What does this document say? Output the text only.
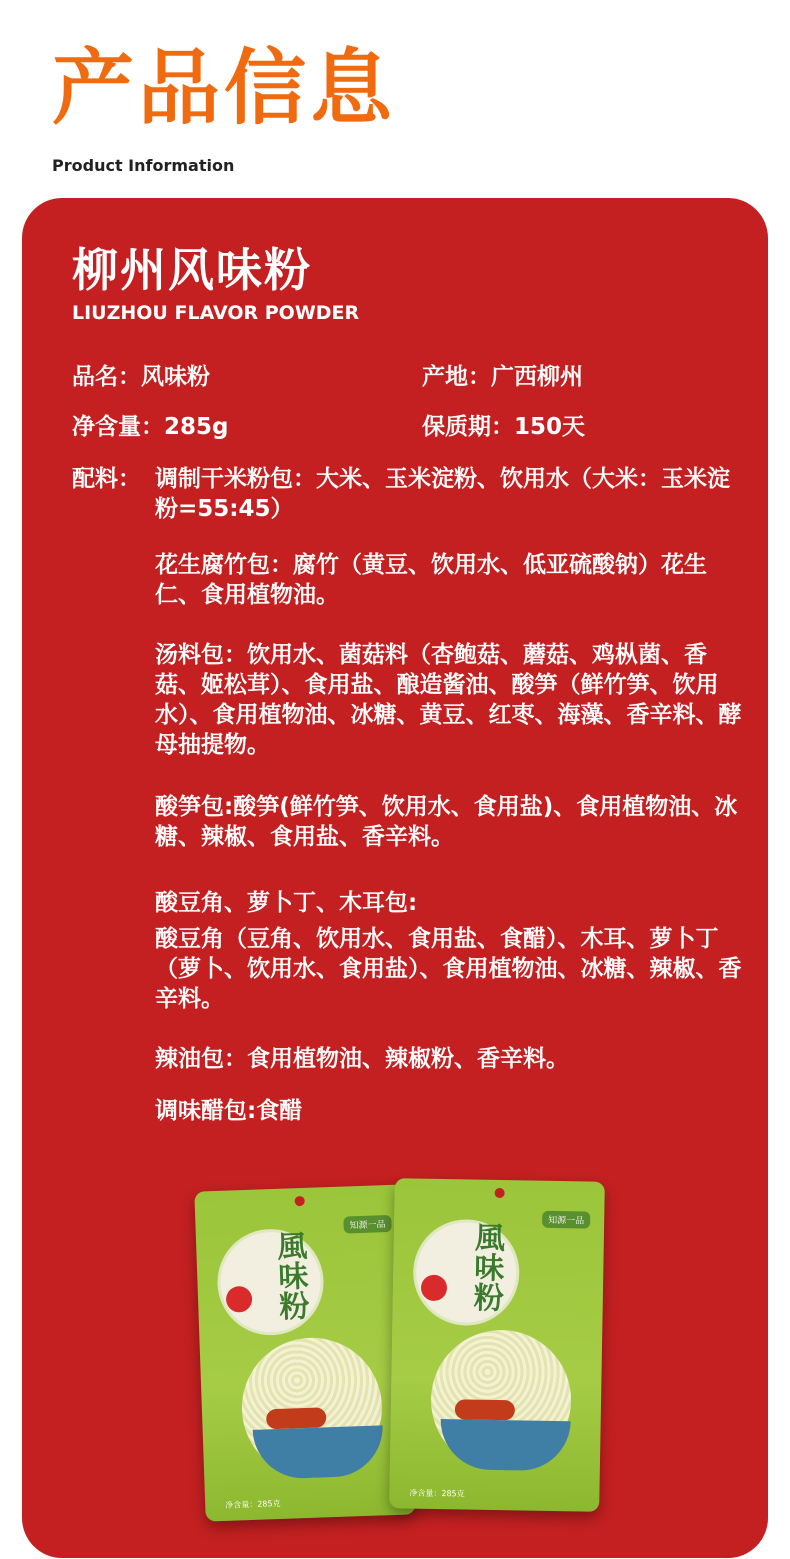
产品信息
Product Information
柳州风味粉
LIUZHOU FLAVOR POWDER
品名：风味粉	产地：广西柳州
净含量：285g	保质期：150天
配料： 调制干米粉包：大米、玉米淀粉、饮用水（大米：玉米淀粉=55:45）
花生腐竹包：腐竹（黄豆、饮用水、低亚硫酸钠）花生仁、食用植物油。
汤料包：饮用水、菌菇料（杏鲍菇、蘑菇、鸡枞菌、香菇、姬松茸）、食用盐、酿造酱油、酸笋（鲜竹笋、饮用水）、食用植物油、冰糖、黄豆、红枣、海藻、香辛料、酵母抽提物。
酸笋包:酸笋(鲜竹笋、饮用水、食用盐)、食用植物油、冰糖、辣椒、食用盐、香辛料。
酸豆角、萝卜丁、木耳包:
酸豆角（豆角、饮用水、食用盐、食醋）、木耳、萝卜丁（萝卜、饮用水、食用盐）、食用植物油、冰糖、辣椒、香辛料。
辣油包：食用植物油、辣椒粉、香辛料。
调味醋包:食醋
知源一品
風味粉
净含量：285克
知源一品
風味粉
净含量：285克
